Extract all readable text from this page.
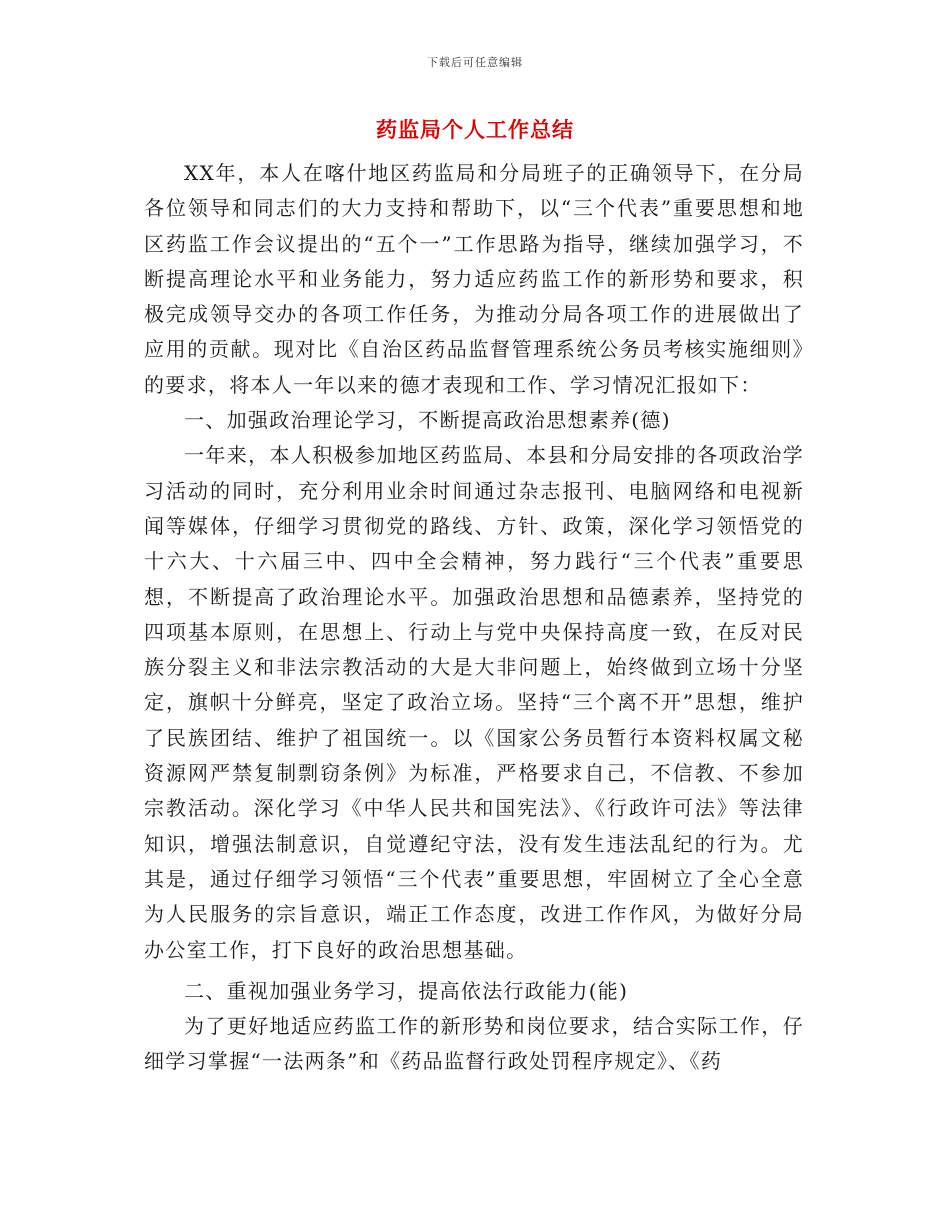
下载后可任意编辑
药监局个人工作总结

XX年，本人在喀什地区药监局和分局班子的正确领导下，在分局各位领导和同志们的大力支持和帮助下，以“三个代表”重要思想和地区药监工作会议提出的“五个一”工作思路为指导，继续加强学习，不断提高理论水平和业务能力，努力适应药监工作的新形势和要求，积极完成领导交办的各项工作任务，为推动分局各项工作的进展做出了应用的贡献。现对比《自治区药品监督管理系统公务员考核实施细则》的要求，将本人一年以来的德才表现和工作、学习情况汇报如下：

一、加强政治理论学习，不断提高政治思想素养(德)

一年来，本人积极参加地区药监局、本县和分局安排的各项政治学习活动的同时，充分利用业余时间通过杂志报刊、电脑网络和电视新闻等媒体，仔细学习贯彻党的路线、方针、政策，深化学习领悟党的十六大、十六届三中、四中全会精神，努力践行“三个代表”重要思想，不断提高了政治理论水平。加强政治思想和品德素养，坚持党的四项基本原则，在思想上、行动上与党中央保持高度一致，在反对民族分裂主义和非法宗教活动的大是大非问题上，始终做到立场十分坚定，旗帜十分鲜亮，坚定了政治立场。坚持“三个离不开”思想，维护了民族团结、维护了祖国统一。以《国家公务员暂行本资料权属文秘资源网严禁复制剽窃条例》为标准，严格要求自己，不信教、不参加宗教活动。深化学习《中华人民共和国宪法》、《行政许可法》等法律知识，增强法制意识，自觉遵纪守法，没有发生违法乱纪的行为。尤其是，通过仔细学习领悟“三个代表”重要思想，牢固树立了全心全意为人民服务的宗旨意识，端正工作态度，改进工作作风，为做好分局办公室工作，打下良好的政治思想基础。

二、重视加强业务学习，提高依法行政能力(能)

为了更好地适应药监工作的新形势和岗位要求，结合实际工作，仔细学习掌握“一法两条”和《药品监督行政处罚程序规定》、《药
